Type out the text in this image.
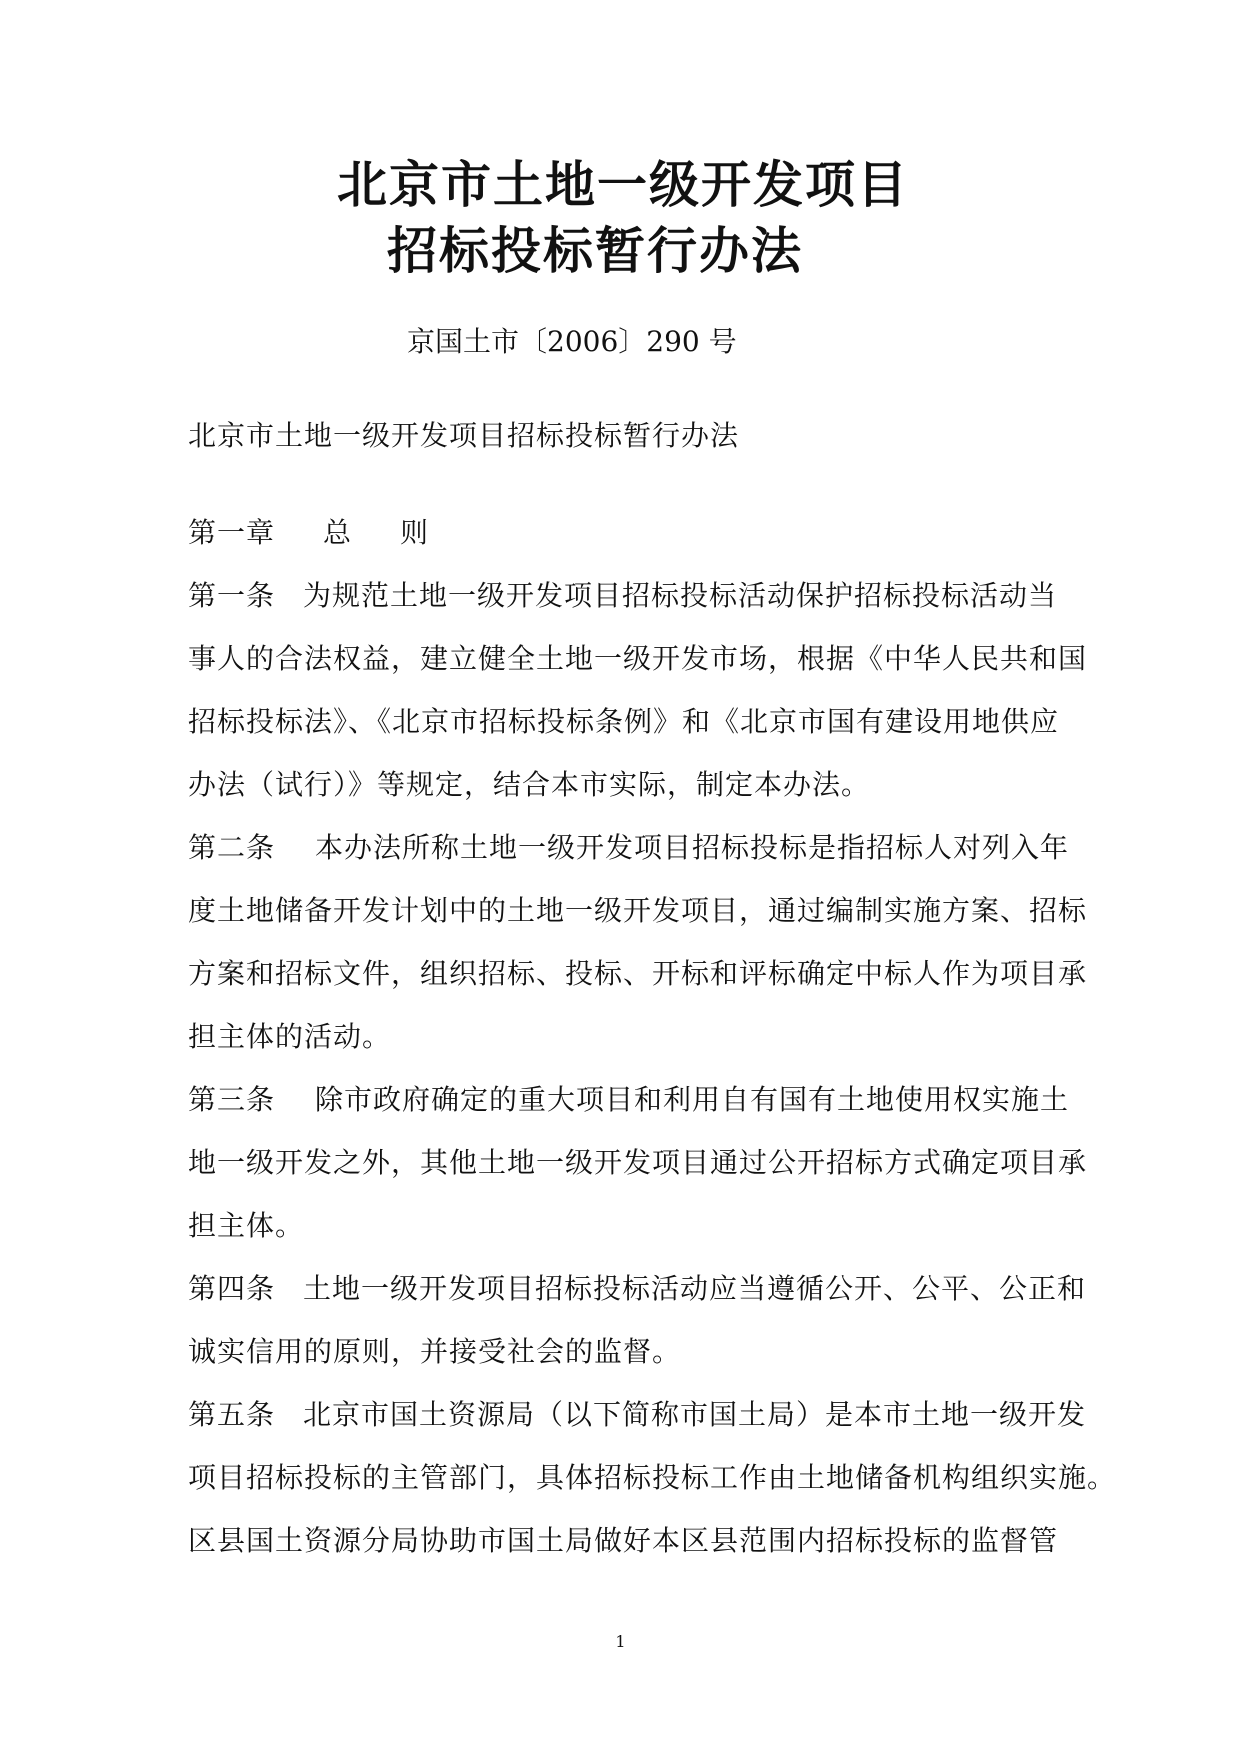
北京市土地一级开发项目
招标投标暂行办法
京国土市〔2006〕290 号
北京市土地一级开发项目招标投标暂行办法
第一章 总 则
第一条 为规范土地一级开发项目招标投标活动保护招标投标活动当
事人的合法权益，建立健全土地一级开发市场，根据《中华人民共和国
招标投标法》、《北京市招标投标条例》和《北京市国有建设用地供应
办法（试行）》等规定，结合本市实际，制定本办法。
第二条 本办法所称土地一级开发项目招标投标是指招标人对列入年
度土地储备开发计划中的土地一级开发项目，通过编制实施方案、招标
方案和招标文件，组织招标、投标、开标和评标确定中标人作为项目承
担主体的活动。
第三条 除市政府确定的重大项目和利用自有国有土地使用权实施土
地一级开发之外，其他土地一级开发项目通过公开招标方式确定项目承
担主体。
第四条 土地一级开发项目招标投标活动应当遵循公开、公平、公正和
诚实信用的原则，并接受社会的监督。
第五条 北京市国土资源局（以下简称市国土局）是本市土地一级开发
项目招标投标的主管部门，具体招标投标工作由土地储备机构组织实施。
区县国土资源分局协助市国土局做好本区县范围内招标投标的监督管
1
